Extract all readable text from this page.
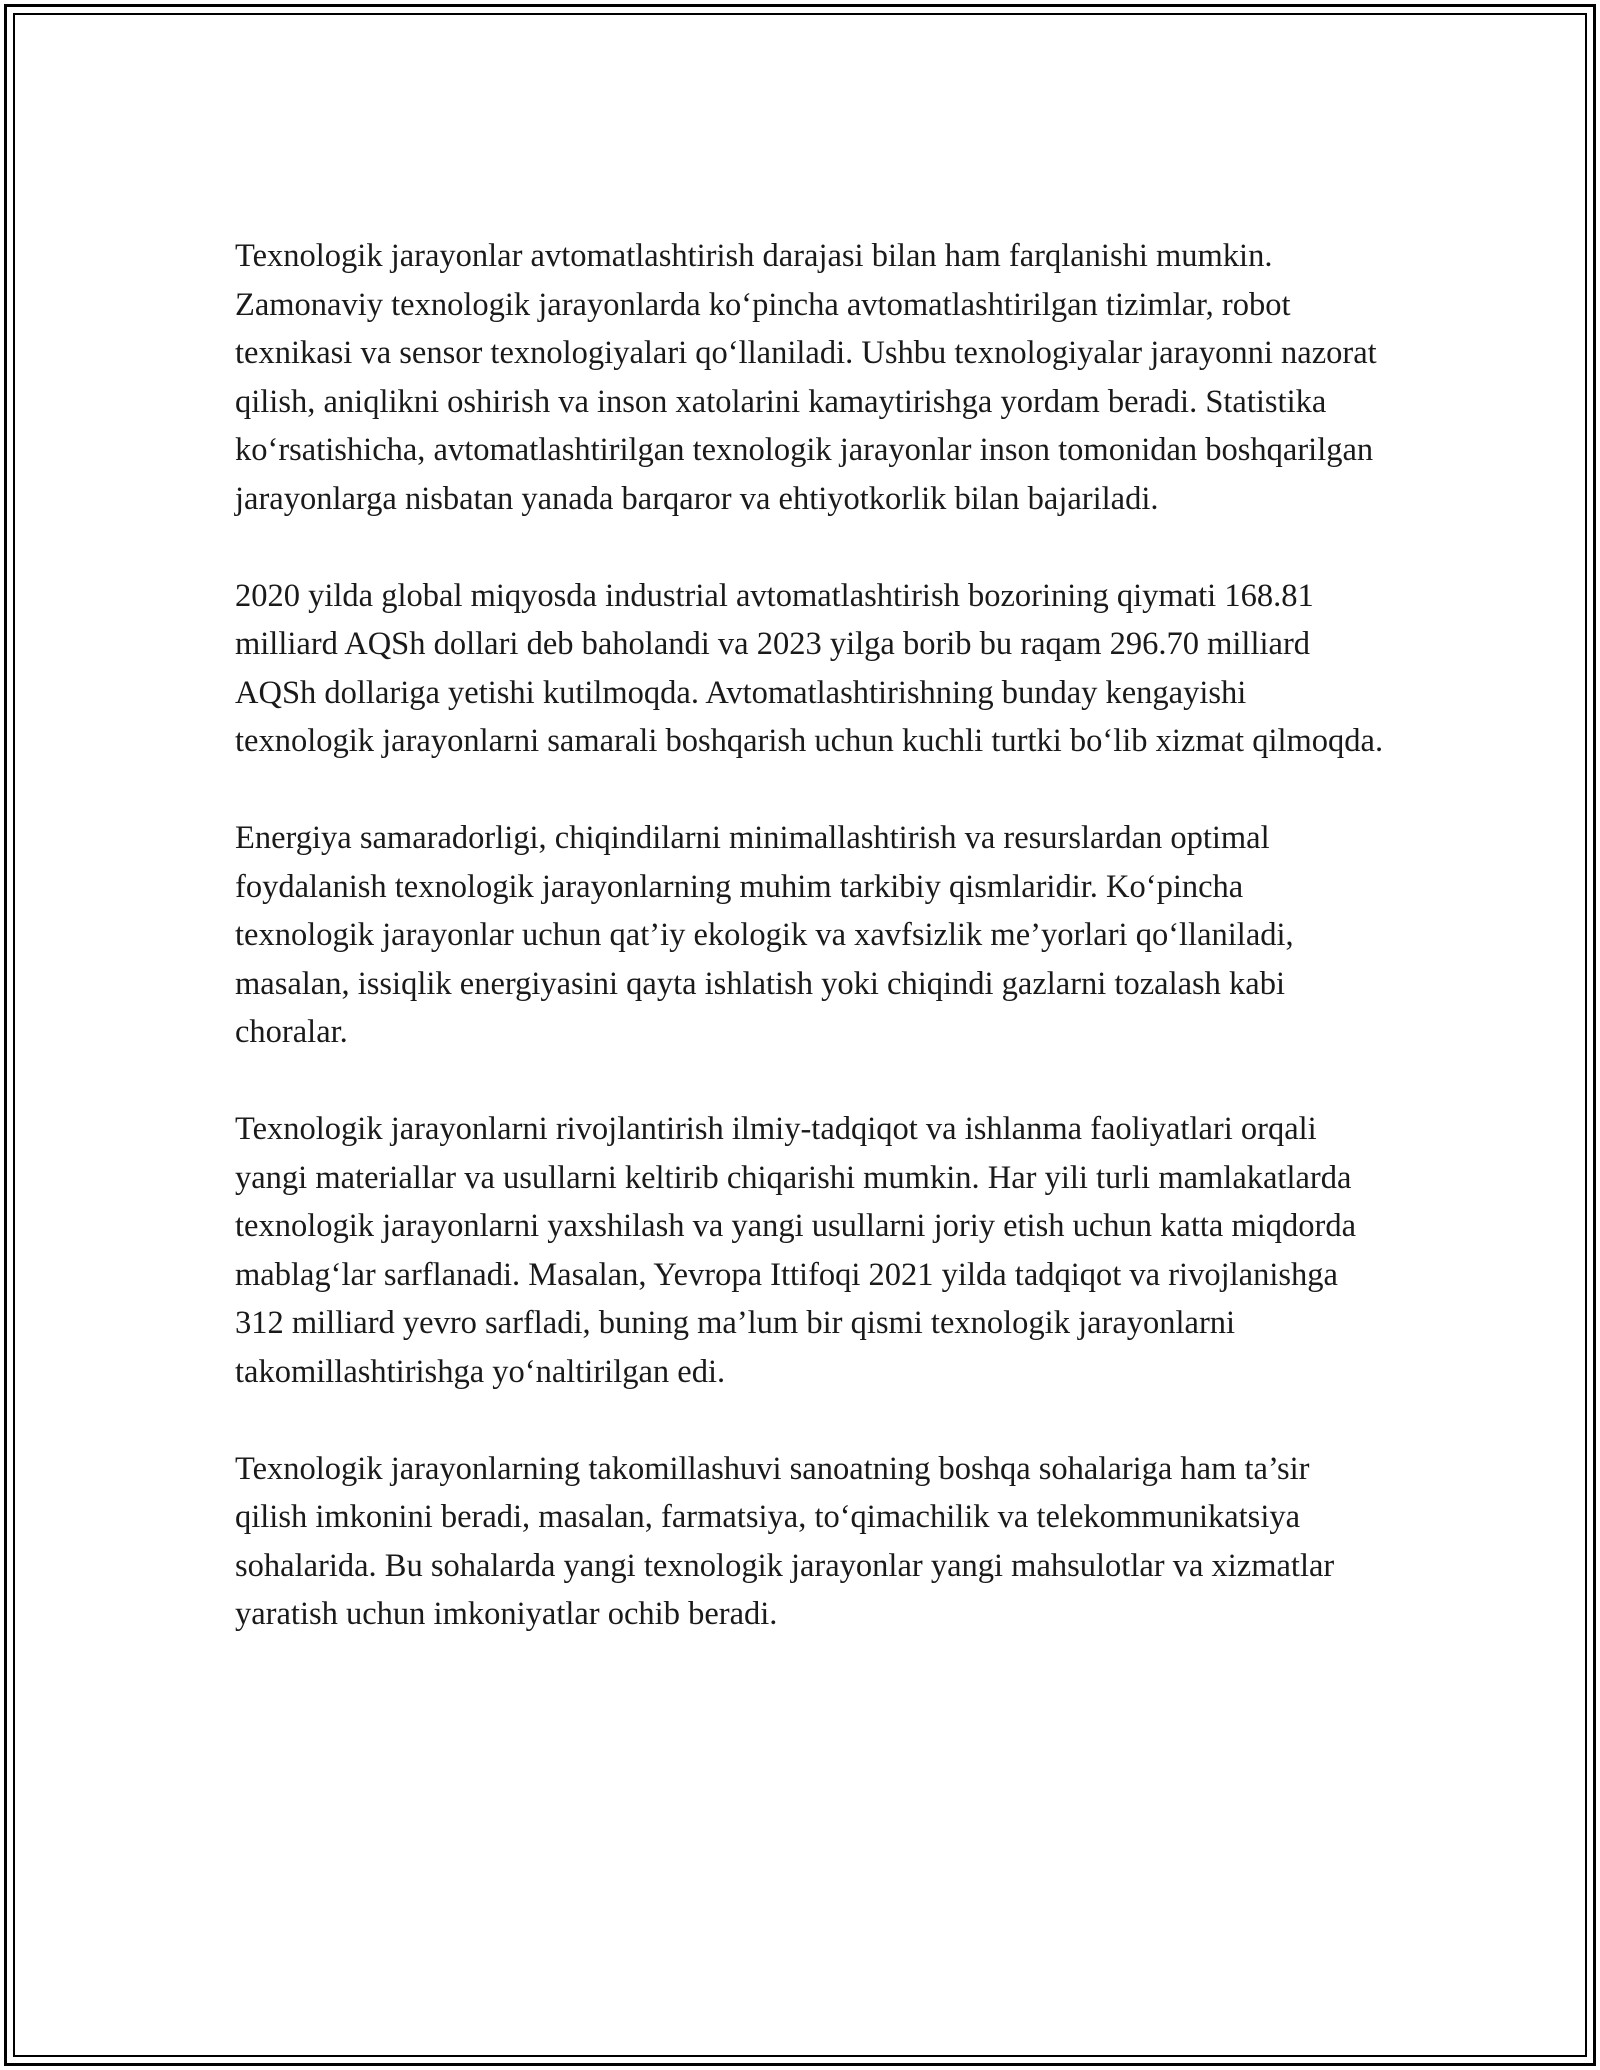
Texnologik jarayonlar avtomatlashtirish darajasi bilan ham farqlanishi mumkin. Zamonaviy texnologik jarayonlarda ko‘pincha avtomatlashtirilgan tizimlar, robot texnikasi va sensor texnologiyalari qo‘llaniladi. Ushbu texnologiyalar jarayonni nazorat qilish, aniqlikni oshirish va inson xatolarini kamaytirishga yordam beradi. Statistika ko‘rsatishicha, avtomatlashtirilgan texnologik jarayonlar inson tomonidan boshqarilgan jarayonlarga nisbatan yanada barqaror va ehtiyotkorlik bilan bajariladi.

2020 yilda global miqyosda industrial avtomatlashtirish bozorining qiymati 168.81 milliard AQSh dollari deb baholandi va 2023 yilga borib bu raqam 296.70 milliard AQSh dollariga yetishi kutilmoqda. Avtomatlashtirishning bunday kengayishi texnologik jarayonlarni samarali boshqarish uchun kuchli turtki bo‘lib xizmat qilmoqda.

Energiya samaradorligi, chiqindilarni minimallashtirish va resurslardan optimal foydalanish texnologik jarayonlarning muhim tarkibiy qismlaridir. Ko‘pincha texnologik jarayonlar uchun qat’iy ekologik va xavfsizlik me’yorlari qo‘llaniladi, masalan, issiqlik energiyasini qayta ishlatish yoki chiqindi gazlarni tozalash kabi choralar.

Texnologik jarayonlarni rivojlantirish ilmiy-tadqiqot va ishlanma faoliyatlari orqali yangi materiallar va usullarni keltirib chiqarishi mumkin. Har yili turli mamlakatlarda texnologik jarayonlarni yaxshilash va yangi usullarni joriy etish uchun katta miqdorda mablag‘lar sarflanadi. Masalan, Yevropa Ittifoqi 2021 yilda tadqiqot va rivojlanishga 312 milliard yevro sarfladi, buning ma’lum bir qismi texnologik jarayonlarni takomillashtirishga yo‘naltirilgan edi.

Texnologik jarayonlarning takomillashuvi sanoatning boshqa sohalariga ham ta’sir qilish imkonini beradi, masalan, farmatsiya, to‘qimachilik va telekommunikatsiya sohalarida. Bu sohalarda yangi texnologik jarayonlar yangi mahsulotlar va xizmatlar yaratish uchun imkoniyatlar ochib beradi.
